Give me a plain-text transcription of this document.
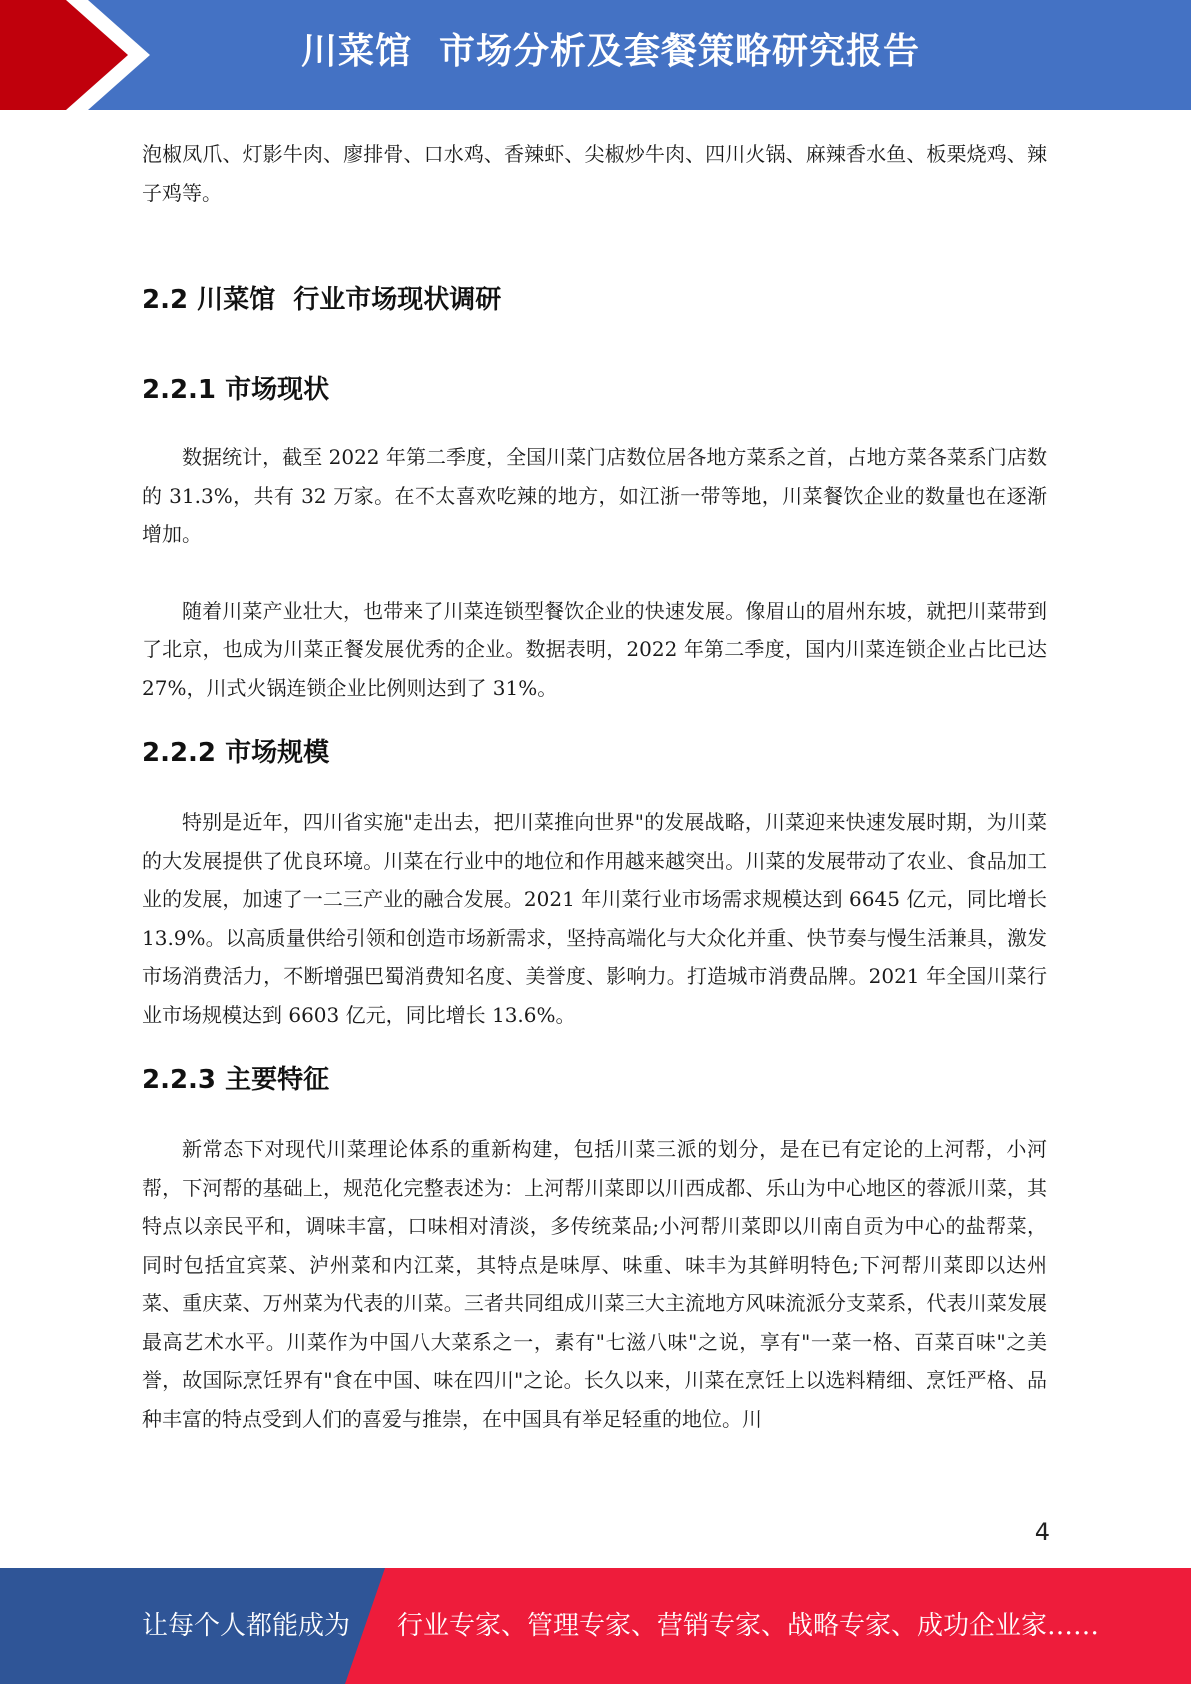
川菜馆  市场分析及套餐策略研究报告

泡椒凤爪、灯影牛肉、廖排骨、口水鸡、香辣虾、尖椒炒牛肉、四川火锅、麻辣香水鱼、板栗烧鸡、辣子鸡等。

2.2 川菜馆  行业市场现状调研
2.2.1 市场现状

数据统计，截至 2022 年第二季度，全国川菜门店数位居各地方菜系之首，占地方菜各菜系门店数的 31.3%，共有 32 万家。在不太喜欢吃辣的地方，如江浙一带等地，川菜餐饮企业的数量也在逐渐增加。

随着川菜产业壮大，也带来了川菜连锁型餐饮企业的快速发展。像眉山的眉州东坡，就把川菜带到了北京，也成为川菜正餐发展优秀的企业。数据表明，2022 年第二季度，国内川菜连锁企业占比已达 27%，川式火锅连锁企业比例则达到了 31%。

2.2.2 市场规模

特别是近年，四川省实施"走出去，把川菜推向世界"的发展战略，川菜迎来快速发展时期，为川菜的大发展提供了优良环境。川菜在行业中的地位和作用越来越突出。川菜的发展带动了农业、食品加工业的发展，加速了一二三产业的融合发展。2021 年川菜行业市场需求规模达到 6645 亿元，同比增长 13.9%。以高质量供给引领和创造市场新需求，坚持高端化与大众化并重、快节奏与慢生活兼具，激发市场消费活力，不断增强巴蜀消费知名度、美誉度、影响力。打造城市消费品牌。2021 年全国川菜行业市场规模达到 6603 亿元，同比增长 13.6%。

2.2.3 主要特征

新常态下对现代川菜理论体系的重新构建，包括川菜三派的划分，是在已有定论的上河帮，小河帮，下河帮的基础上，规范化完整表述为：上河帮川菜即以川西成都、乐山为中心地区的蓉派川菜，其特点以亲民平和，调味丰富，口味相对清淡，多传统菜品;小河帮川菜即以川南自贡为中心的盐帮菜，同时包括宜宾菜、泸州菜和内江菜，其特点是味厚、味重、味丰为其鲜明特色;下河帮川菜即以达州菜、重庆菜、万州菜为代表的川菜。三者共同组成川菜三大主流地方风味流派分支菜系，代表川菜发展最高艺术水平。川菜作为中国八大菜系之一，素有"七滋八味"之说，享有"一菜一格、百菜百味"之美誉，故国际烹饪界有"食在中国、味在四川"之论。长久以来，川菜在烹饪上以选料精细、烹饪严格、品种丰富的特点受到人们的喜爱与推崇，在中国具有举足轻重的地位。川

4
让每个人都能成为 行业专家、管理专家、营销专家、战略专家、成功企业家……
